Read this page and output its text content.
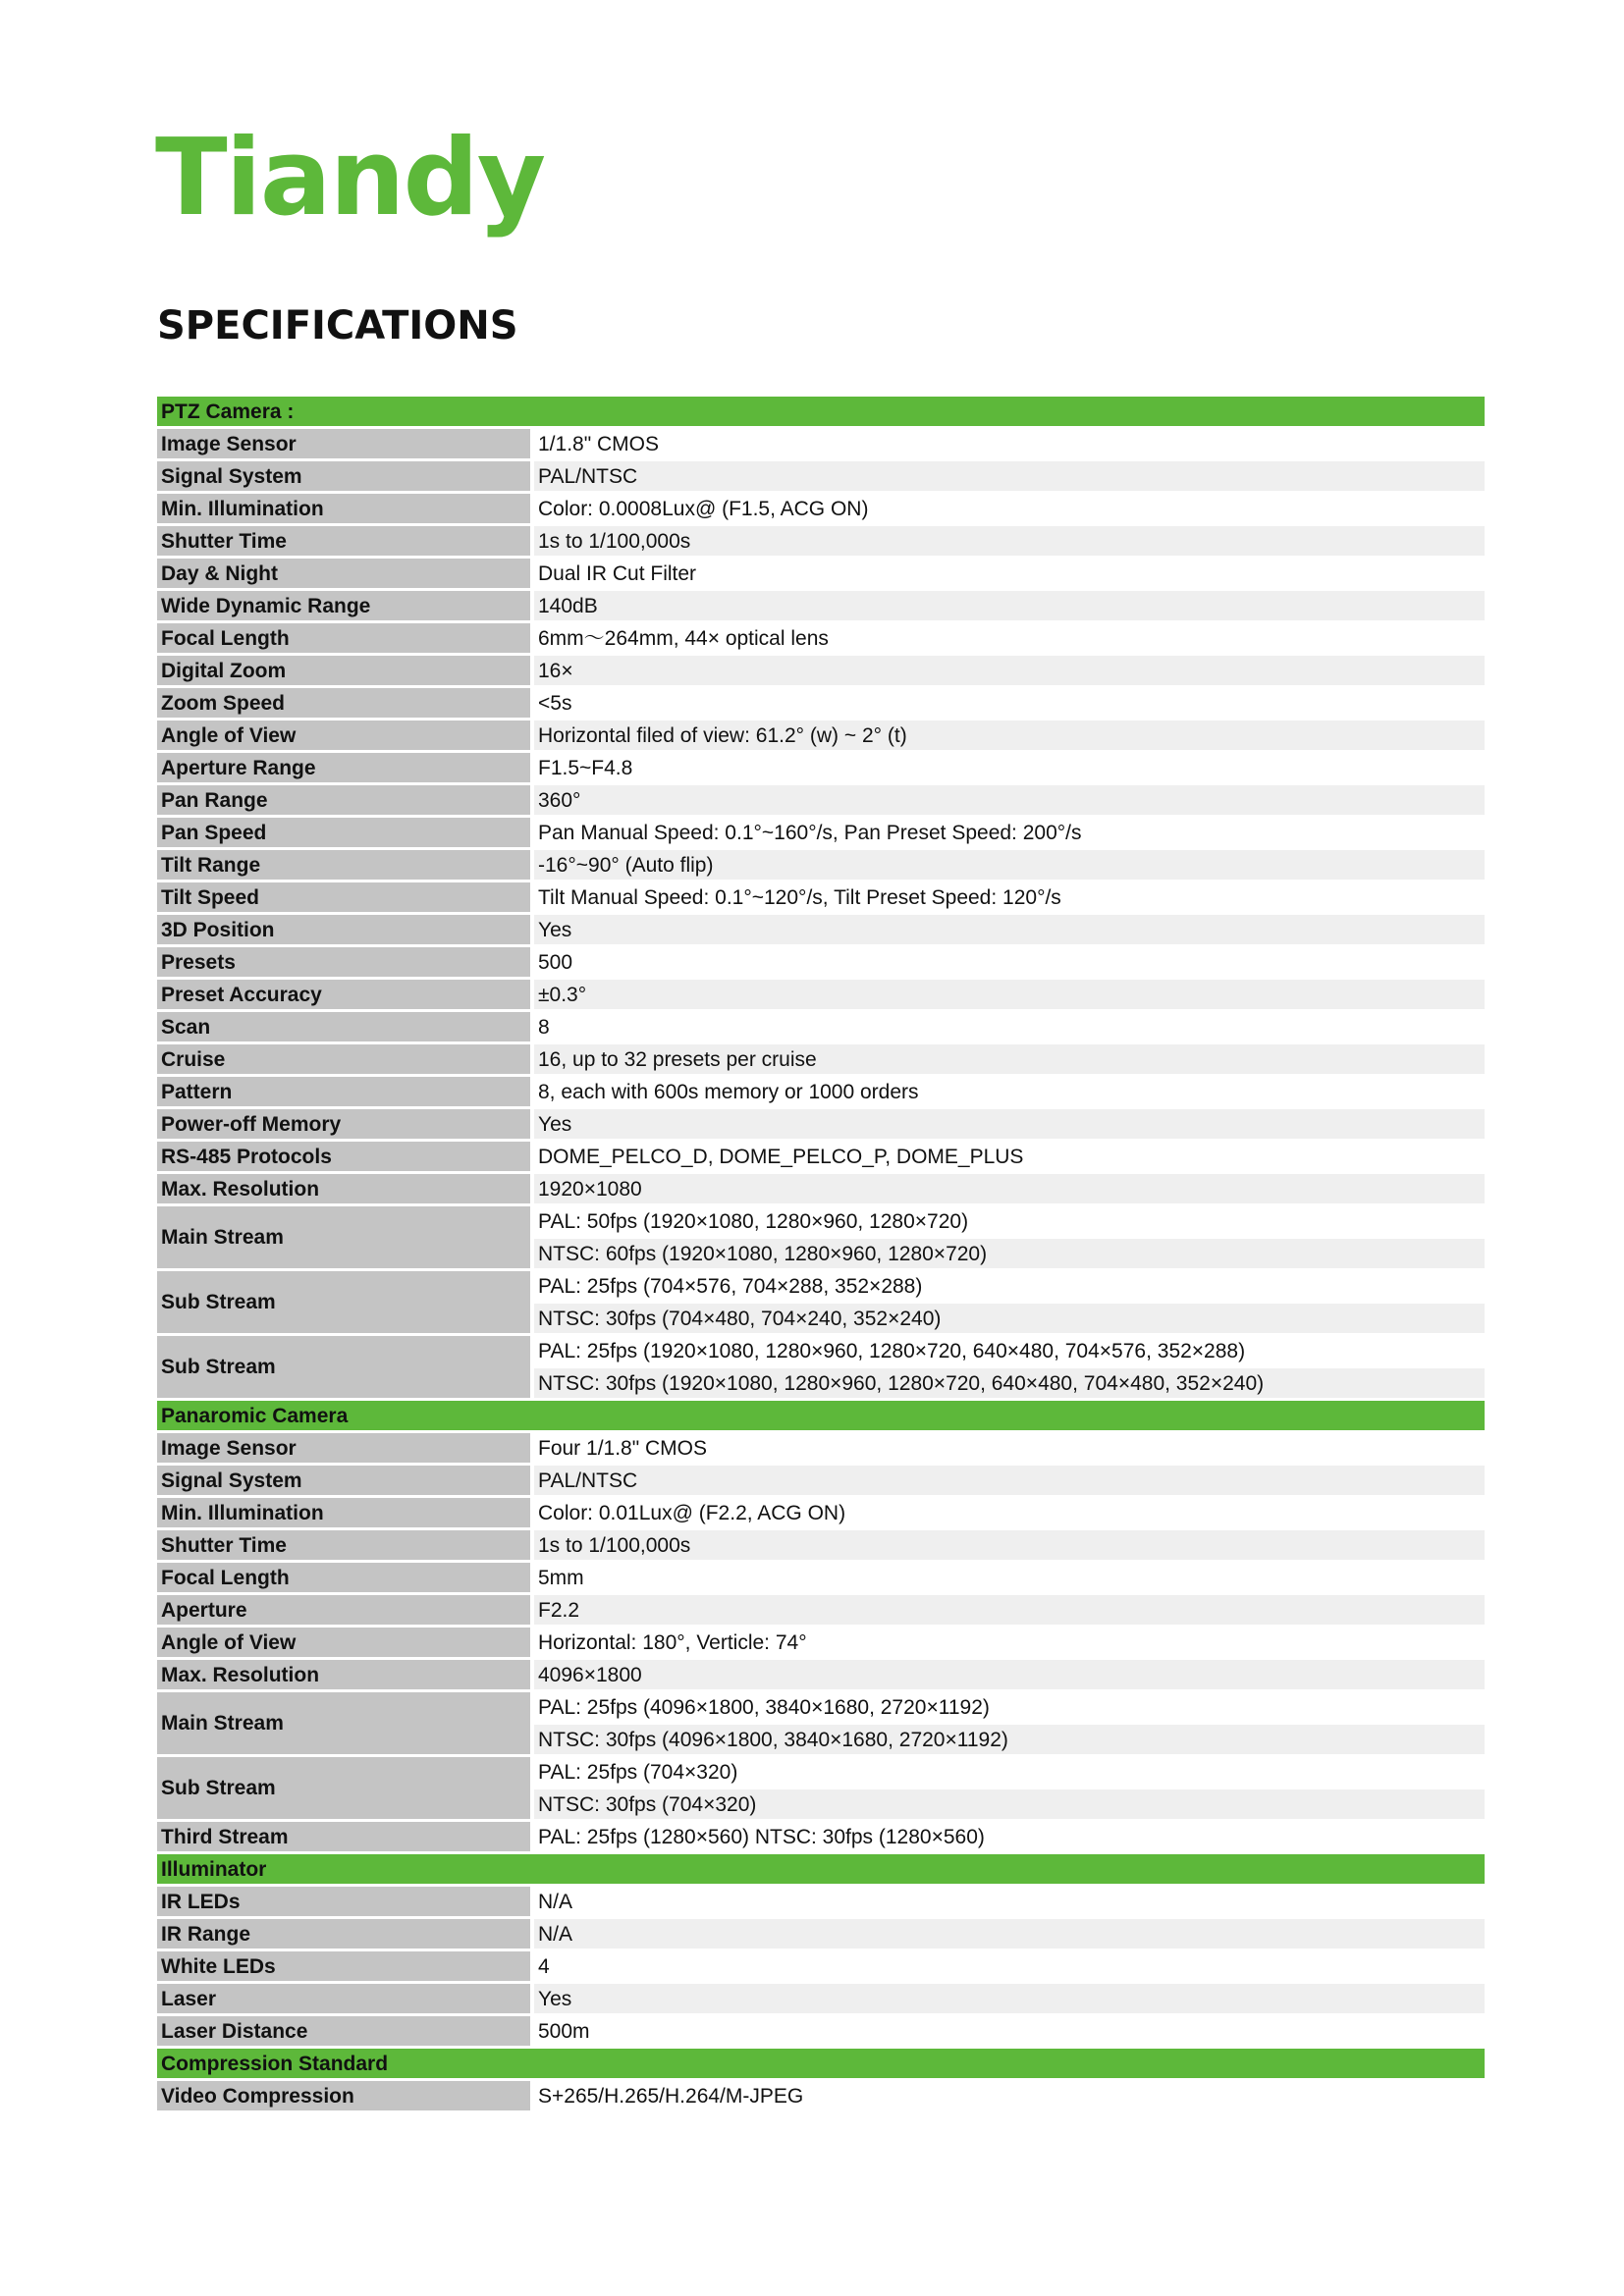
Tiandy
SPECIFICATIONS
PTZ Camera :	
Image Sensor	1/1.8" CMOS
Signal System	PAL/NTSC
Min. Illumination	Color: 0.0008Lux@ (F1.5, ACG ON)
Shutter Time	1s to 1/100,000s
Day & Night	Dual IR Cut Filter
Wide Dynamic Range	140dB
Focal Length	6mm～264mm, 44× optical lens
Digital Zoom	16×
Zoom Speed	<5s
Angle of View	Horizontal filed of view: 61.2° (w) ~ 2° (t)
Aperture Range	F1.5~F4.8
Pan Range	360°
Pan Speed	Pan Manual Speed: 0.1°~160°/s, Pan Preset Speed: 200°/s
Tilt Range	-16°~90° (Auto flip)
Tilt Speed	Tilt Manual Speed: 0.1°~120°/s, Tilt Preset Speed: 120°/s
3D Position	Yes
Presets	500
Preset Accuracy	±0.3°
Scan	8
Cruise	16, up to 32 presets per cruise
Pattern	8, each with 600s memory or 1000 orders
Power-off Memory	Yes
RS-485 Protocols	DOME_PELCO_D, DOME_PELCO_P, DOME_PLUS
Max. Resolution	1920×1080
Main Stream	PAL: 50fps (1920×1080, 1280×960, 1280×720)
	NTSC: 60fps (1920×1080, 1280×960, 1280×720)
Sub Stream	PAL: 25fps (704×576, 704×288, 352×288)
	NTSC: 30fps (704×480, 704×240, 352×240)
Sub Stream	PAL: 25fps (1920×1080, 1280×960, 1280×720, 640×480, 704×576, 352×288)
	NTSC: 30fps (1920×1080, 1280×960, 1280×720, 640×480, 704×480, 352×240)
Panaromic Camera	
Image Sensor	Four 1/1.8" CMOS
Signal System	PAL/NTSC
Min. Illumination	Color: 0.01Lux@ (F2.2, ACG ON)
Shutter Time	1s to 1/100,000s
Focal Length	5mm
Aperture	F2.2
Angle of View	Horizontal: 180°, Verticle: 74°
Max. Resolution	4096×1800
Main Stream	PAL: 25fps (4096×1800, 3840×1680, 2720×1192)
	NTSC: 30fps (4096×1800, 3840×1680, 2720×1192)
Sub Stream	PAL: 25fps (704×320)
	NTSC: 30fps (704×320)
Third Stream	PAL: 25fps (1280×560) NTSC: 30fps (1280×560)
Illuminator	
IR LEDs	N/A
IR Range	N/A
White LEDs	4
Laser	Yes
Laser Distance	500m
Compression Standard	
Video Compression	S+265/H.265/H.264/M-JPEG
